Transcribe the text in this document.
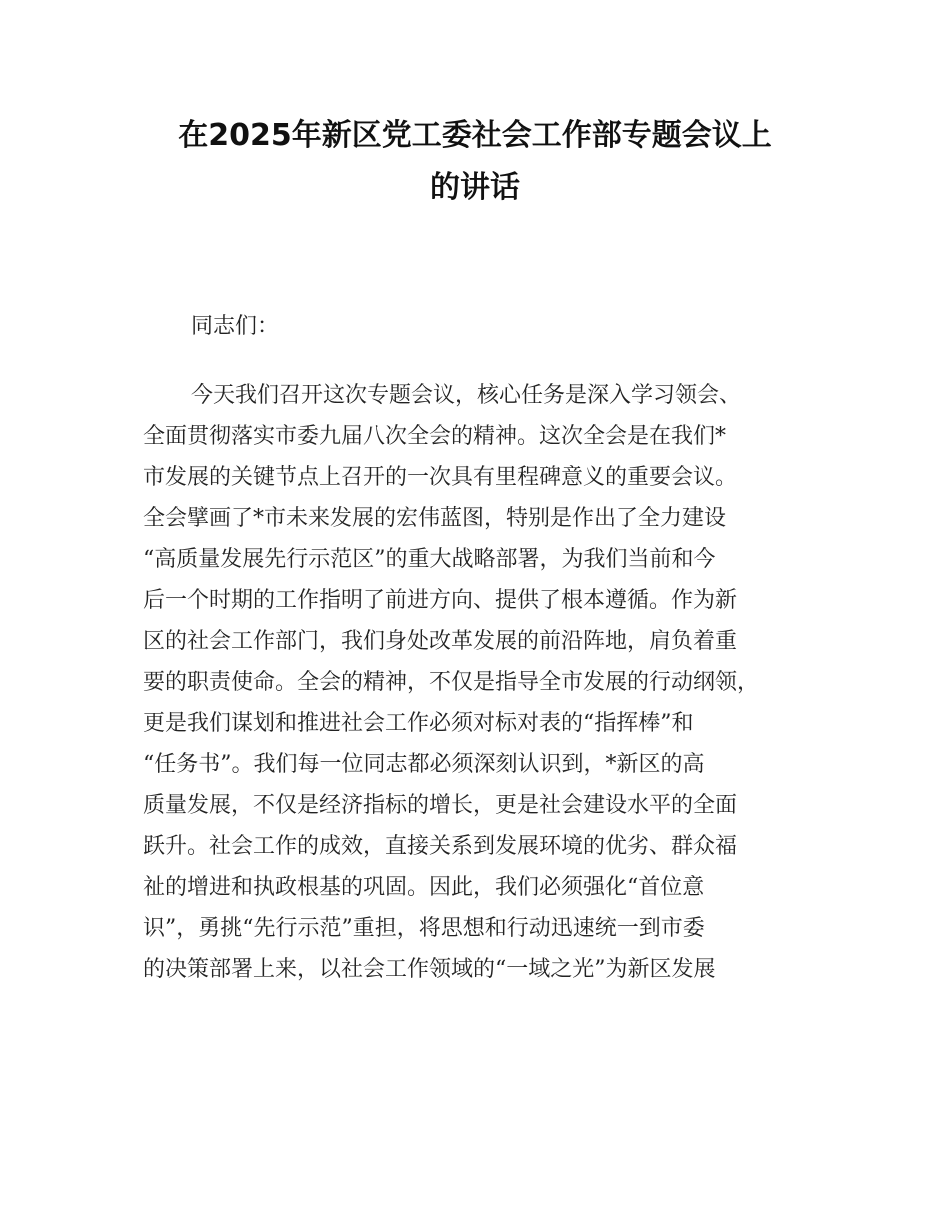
在2025年新区党工委社会工作部专题会议上
的讲话
同志们：
今天我们召开这次专题会议，核心任务是深入学习领会、
全面贯彻落实市委九届八次全会的精神。这次全会是在我们*
市发展的关键节点上召开的一次具有里程碑意义的重要会议。
全会擘画了*市未来发展的宏伟蓝图，特别是作出了全力建设
“高质量发展先行示范区”的重大战略部署，为我们当前和今
后一个时期的工作指明了前进方向、提供了根本遵循。作为新
区的社会工作部门，我们身处改革发展的前沿阵地，肩负着重
要的职责使命。全会的精神，不仅是指导全市发展的行动纲领，
更是我们谋划和推进社会工作必须对标对表的“指挥棒”和
“任务书”。我们每一位同志都必须深刻认识到，*新区的高
质量发展，不仅是经济指标的增长，更是社会建设水平的全面
跃升。社会工作的成效，直接关系到发展环境的优劣、群众福
祉的增进和执政根基的巩固。因此，我们必须强化“首位意
识”，勇挑“先行示范”重担，将思想和行动迅速统一到市委
的决策部署上来，以社会工作领域的“一域之光”为新区发展
